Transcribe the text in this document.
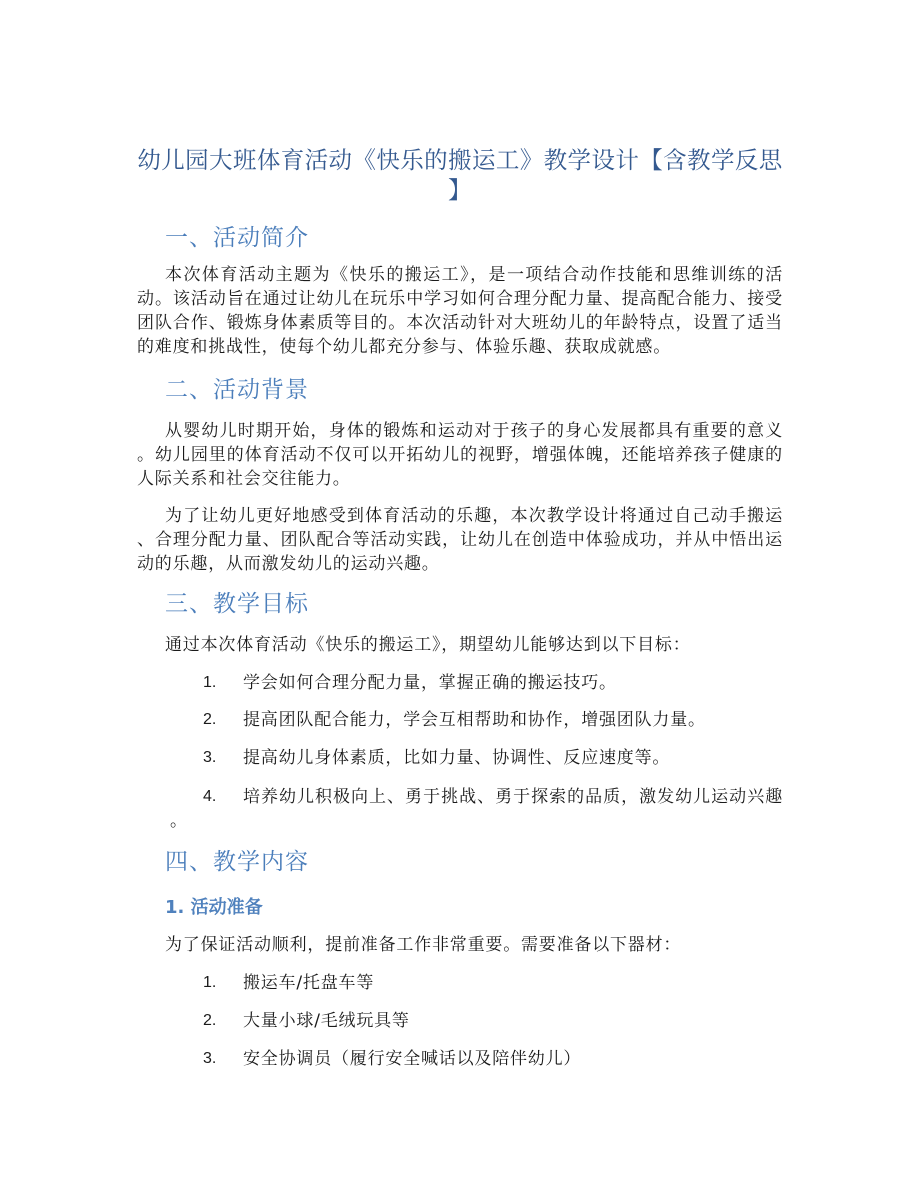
幼儿园大班体育活动《快乐的搬运工》教学设计【含教学反思
】
一、活动简介
本次体育活动主题为《快乐的搬运工》，是一项结合动作技能和思维训练的活
动。该活动旨在通过让幼儿在玩乐中学习如何合理分配力量、提高配合能力、接受
团队合作、锻炼身体素质等目的。本次活动针对大班幼儿的年龄特点，设置了适当
的难度和挑战性，使每个幼儿都充分参与、体验乐趣、获取成就感。
二、活动背景
从婴幼儿时期开始，身体的锻炼和运动对于孩子的身心发展都具有重要的意义
。幼儿园里的体育活动不仅可以开拓幼儿的视野，增强体魄，还能培养孩子健康的
人际关系和社会交往能力。
为了让幼儿更好地感受到体育活动的乐趣，本次教学设计将通过自己动手搬运
、合理分配力量、团队配合等活动实践，让幼儿在创造中体验成功，并从中悟出运
动的乐趣，从而激发幼儿的运动兴趣。
三、教学目标
通过本次体育活动《快乐的搬运工》，期望幼儿能够达到以下目标：
1. 学会如何合理分配力量，掌握正确的搬运技巧。
2. 提高团队配合能力，学会互相帮助和协作，增强团队力量。
3. 提高幼儿身体素质，比如力量、协调性、反应速度等。
4. 培养幼儿积极向上、勇于挑战、勇于探索的品质，激发幼儿运动兴趣
。
四、教学内容
1. 活动准备
为了保证活动顺利，提前准备工作非常重要。需要准备以下器材：
1. 搬运车/托盘车等
2. 大量小球/毛绒玩具等
3. 安全协调员（履行安全喊话以及陪伴幼儿）
